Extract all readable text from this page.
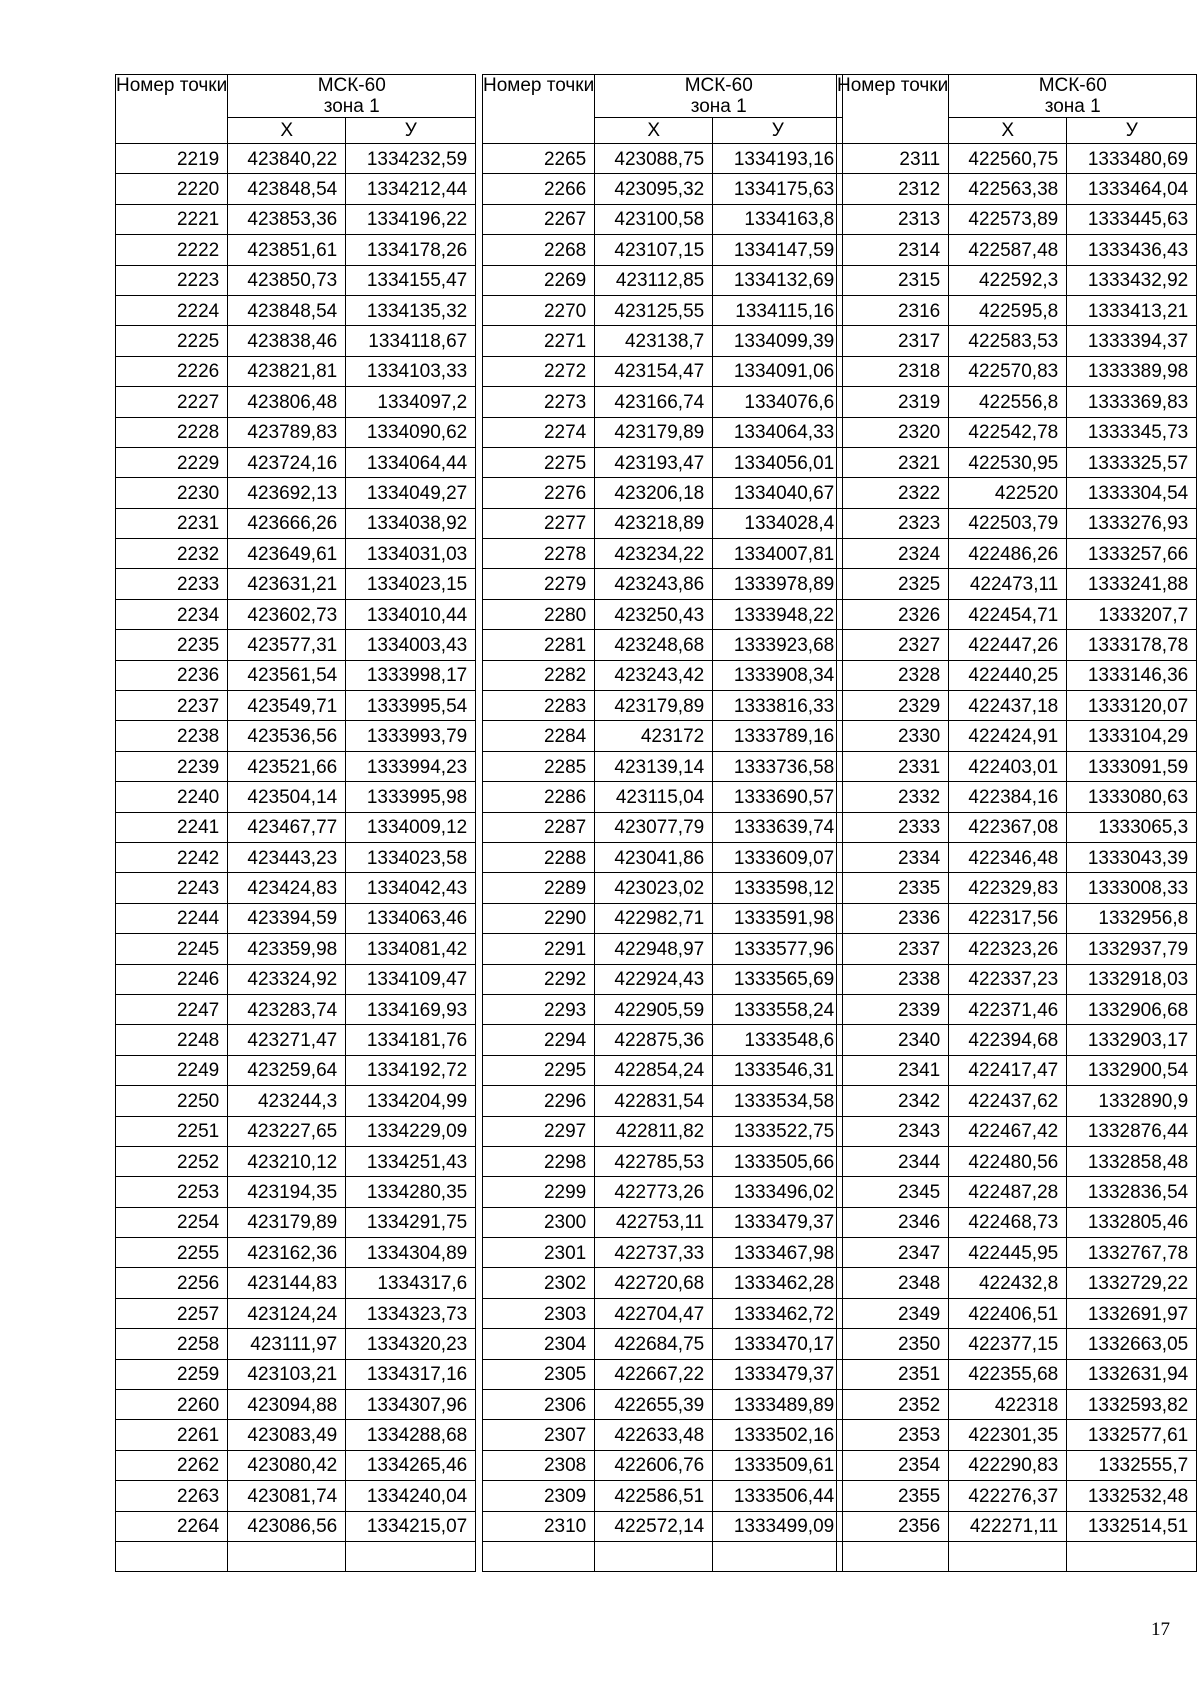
Номер точки	МСК-60
зона 1	
	Х	У
2219	423840,22	1334232,59
2220	423848,54	1334212,44
2221	423853,36	1334196,22
2222	423851,61	1334178,26
2223	423850,73	1334155,47
2224	423848,54	1334135,32
2225	423838,46	1334118,67
2226	423821,81	1334103,33
2227	423806,48	1334097,2
2228	423789,83	1334090,62
2229	423724,16	1334064,44
2230	423692,13	1334049,27
2231	423666,26	1334038,92
2232	423649,61	1334031,03
2233	423631,21	1334023,15
2234	423602,73	1334010,44
2235	423577,31	1334003,43
2236	423561,54	1333998,17
2237	423549,71	1333995,54
2238	423536,56	1333993,79
2239	423521,66	1333994,23
2240	423504,14	1333995,98
2241	423467,77	1334009,12
2242	423443,23	1334023,58
2243	423424,83	1334042,43
2244	423394,59	1334063,46
2245	423359,98	1334081,42
2246	423324,92	1334109,47
2247	423283,74	1334169,93
2248	423271,47	1334181,76
2249	423259,64	1334192,72
2250	423244,3	1334204,99
2251	423227,65	1334229,09
2252	423210,12	1334251,43
2253	423194,35	1334280,35
2254	423179,89	1334291,75
2255	423162,36	1334304,89
2256	423144,83	1334317,6
2257	423124,24	1334323,73
2258	423111,97	1334320,23
2259	423103,21	1334317,16
2260	423094,88	1334307,96
2261	423083,49	1334288,68
2262	423080,42	1334265,46
2263	423081,74	1334240,04
2264	423086,56	1334215,07

Номер точки	МСК-60
зона 1	
	Х	У
2265	423088,75	1334193,16
2266	423095,32	1334175,63
2267	423100,58	1334163,8
2268	423107,15	1334147,59
2269	423112,85	1334132,69
2270	423125,55	1334115,16
2271	423138,7	1334099,39
2272	423154,47	1334091,06
2273	423166,74	1334076,6
2274	423179,89	1334064,33
2275	423193,47	1334056,01
2276	423206,18	1334040,67
2277	423218,89	1334028,4
2278	423234,22	1334007,81
2279	423243,86	1333978,89
2280	423250,43	1333948,22
2281	423248,68	1333923,68
2282	423243,42	1333908,34
2283	423179,89	1333816,33
2284	423172	1333789,16
2285	423139,14	1333736,58
2286	423115,04	1333690,57
2287	423077,79	1333639,74
2288	423041,86	1333609,07
2289	423023,02	1333598,12
2290	422982,71	1333591,98
2291	422948,97	1333577,96
2292	422924,43	1333565,69
2293	422905,59	1333558,24
2294	422875,36	1333548,6
2295	422854,24	1333546,31
2296	422831,54	1333534,58
2297	422811,82	1333522,75
2298	422785,53	1333505,66
2299	422773,26	1333496,02
2300	422753,11	1333479,37
2301	422737,33	1333467,98
2302	422720,68	1333462,28
2303	422704,47	1333462,72
2304	422684,75	1333470,17
2305	422667,22	1333479,37
2306	422655,39	1333489,89
2307	422633,48	1333502,16
2308	422606,76	1333509,61
2309	422586,51	1333506,44
2310	422572,14	1333499,09

Номер точки	МСК-60
зона 1	
	Х	У
2311	422560,75	1333480,69
2312	422563,38	1333464,04
2313	422573,89	1333445,63
2314	422587,48	1333436,43
2315	422592,3	1333432,92
2316	422595,8	1333413,21
2317	422583,53	1333394,37
2318	422570,83	1333389,98
2319	422556,8	1333369,83
2320	422542,78	1333345,73
2321	422530,95	1333325,57
2322	422520	1333304,54
2323	422503,79	1333276,93
2324	422486,26	1333257,66
2325	422473,11	1333241,88
2326	422454,71	1333207,7
2327	422447,26	1333178,78
2328	422440,25	1333146,36
2329	422437,18	1333120,07
2330	422424,91	1333104,29
2331	422403,01	1333091,59
2332	422384,16	1333080,63
2333	422367,08	1333065,3
2334	422346,48	1333043,39
2335	422329,83	1333008,33
2336	422317,56	1332956,8
2337	422323,26	1332937,79
2338	422337,23	1332918,03
2339	422371,46	1332906,68
2340	422394,68	1332903,17
2341	422417,47	1332900,54
2342	422437,62	1332890,9
2343	422467,42	1332876,44
2344	422480,56	1332858,48
2345	422487,28	1332836,54
2346	422468,73	1332805,46
2347	422445,95	1332767,78
2348	422432,8	1332729,22
2349	422406,51	1332691,97
2350	422377,15	1332663,05
2351	422355,68	1332631,94
2352	422318	1332593,82
2353	422301,35	1332577,61
2354	422290,83	1332555,7
2355	422276,37	1332532,48
2356	422271,11	1332514,51

17
